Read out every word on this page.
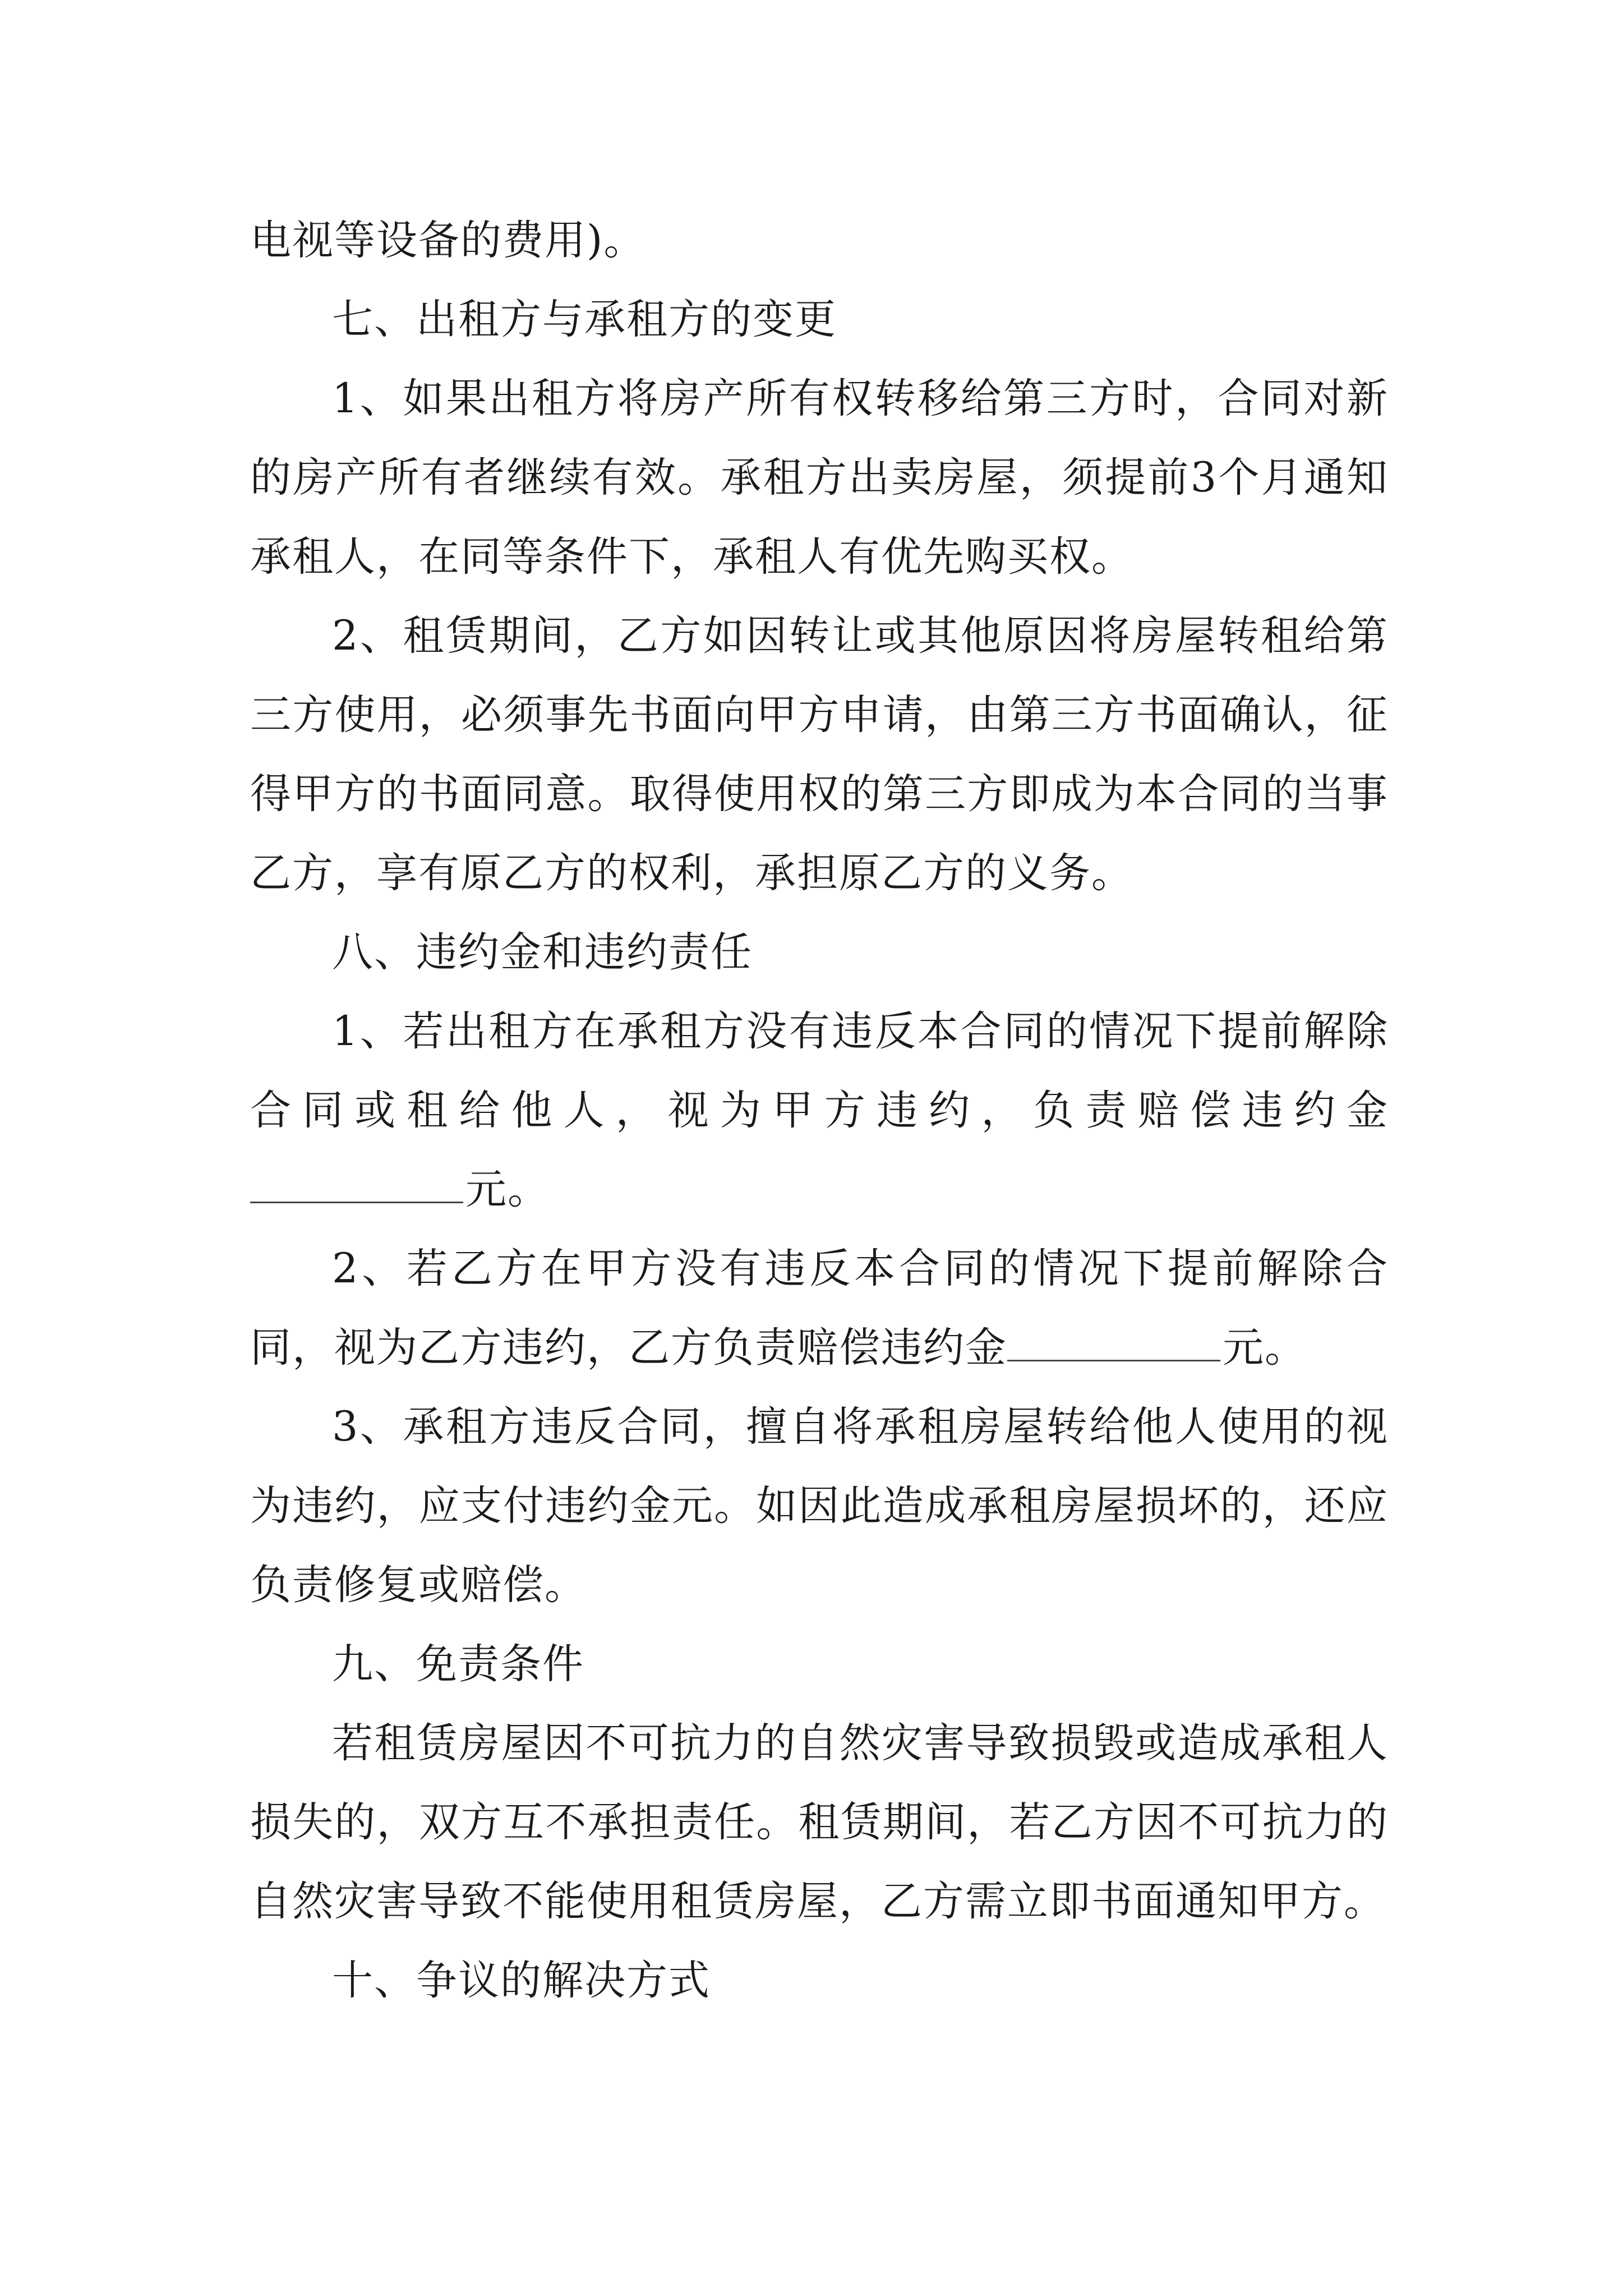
电视等设备的费用)。

七、出租方与承租方的变更

1、如果出租方将房产所有权转移给第三方时，合同对新的房产所有者继续有效。承租方出卖房屋，须提前3个月通知承租人，在同等条件下，承租人有优先购买权。

2、租赁期间，乙方如因转让或其他原因将房屋转租给第三方使用，必须事先书面向甲方申请，由第三方书面确认，征得甲方的书面同意。取得使用权的第三方即成为本合同的当事乙方，享有原乙方的权利，承担原乙方的义务。

八、违约金和违约责任

1、若出租方在承租方没有违反本合同的情况下提前解除合同或租给他人，视为甲方违约，负责赔偿违约金元。

2、若乙方在甲方没有违反本合同的情况下提前解除合同，视为乙方违约，乙方负责赔偿违约金	元。

3、承租方违反合同，擅自将承租房屋转给他人使用的视为违约，应支付违约金元。如因此造成承租房屋损坏的，还应负责修复或赔偿。

九、免责条件

若租赁房屋因不可抗力的自然灾害导致损毁或造成承租人损失的，双方互不承担责任。租赁期间，若乙方因不可抗力的自然灾害导致不能使用租赁房屋，乙方需立即书面通知甲方。

十、争议的解决方式
